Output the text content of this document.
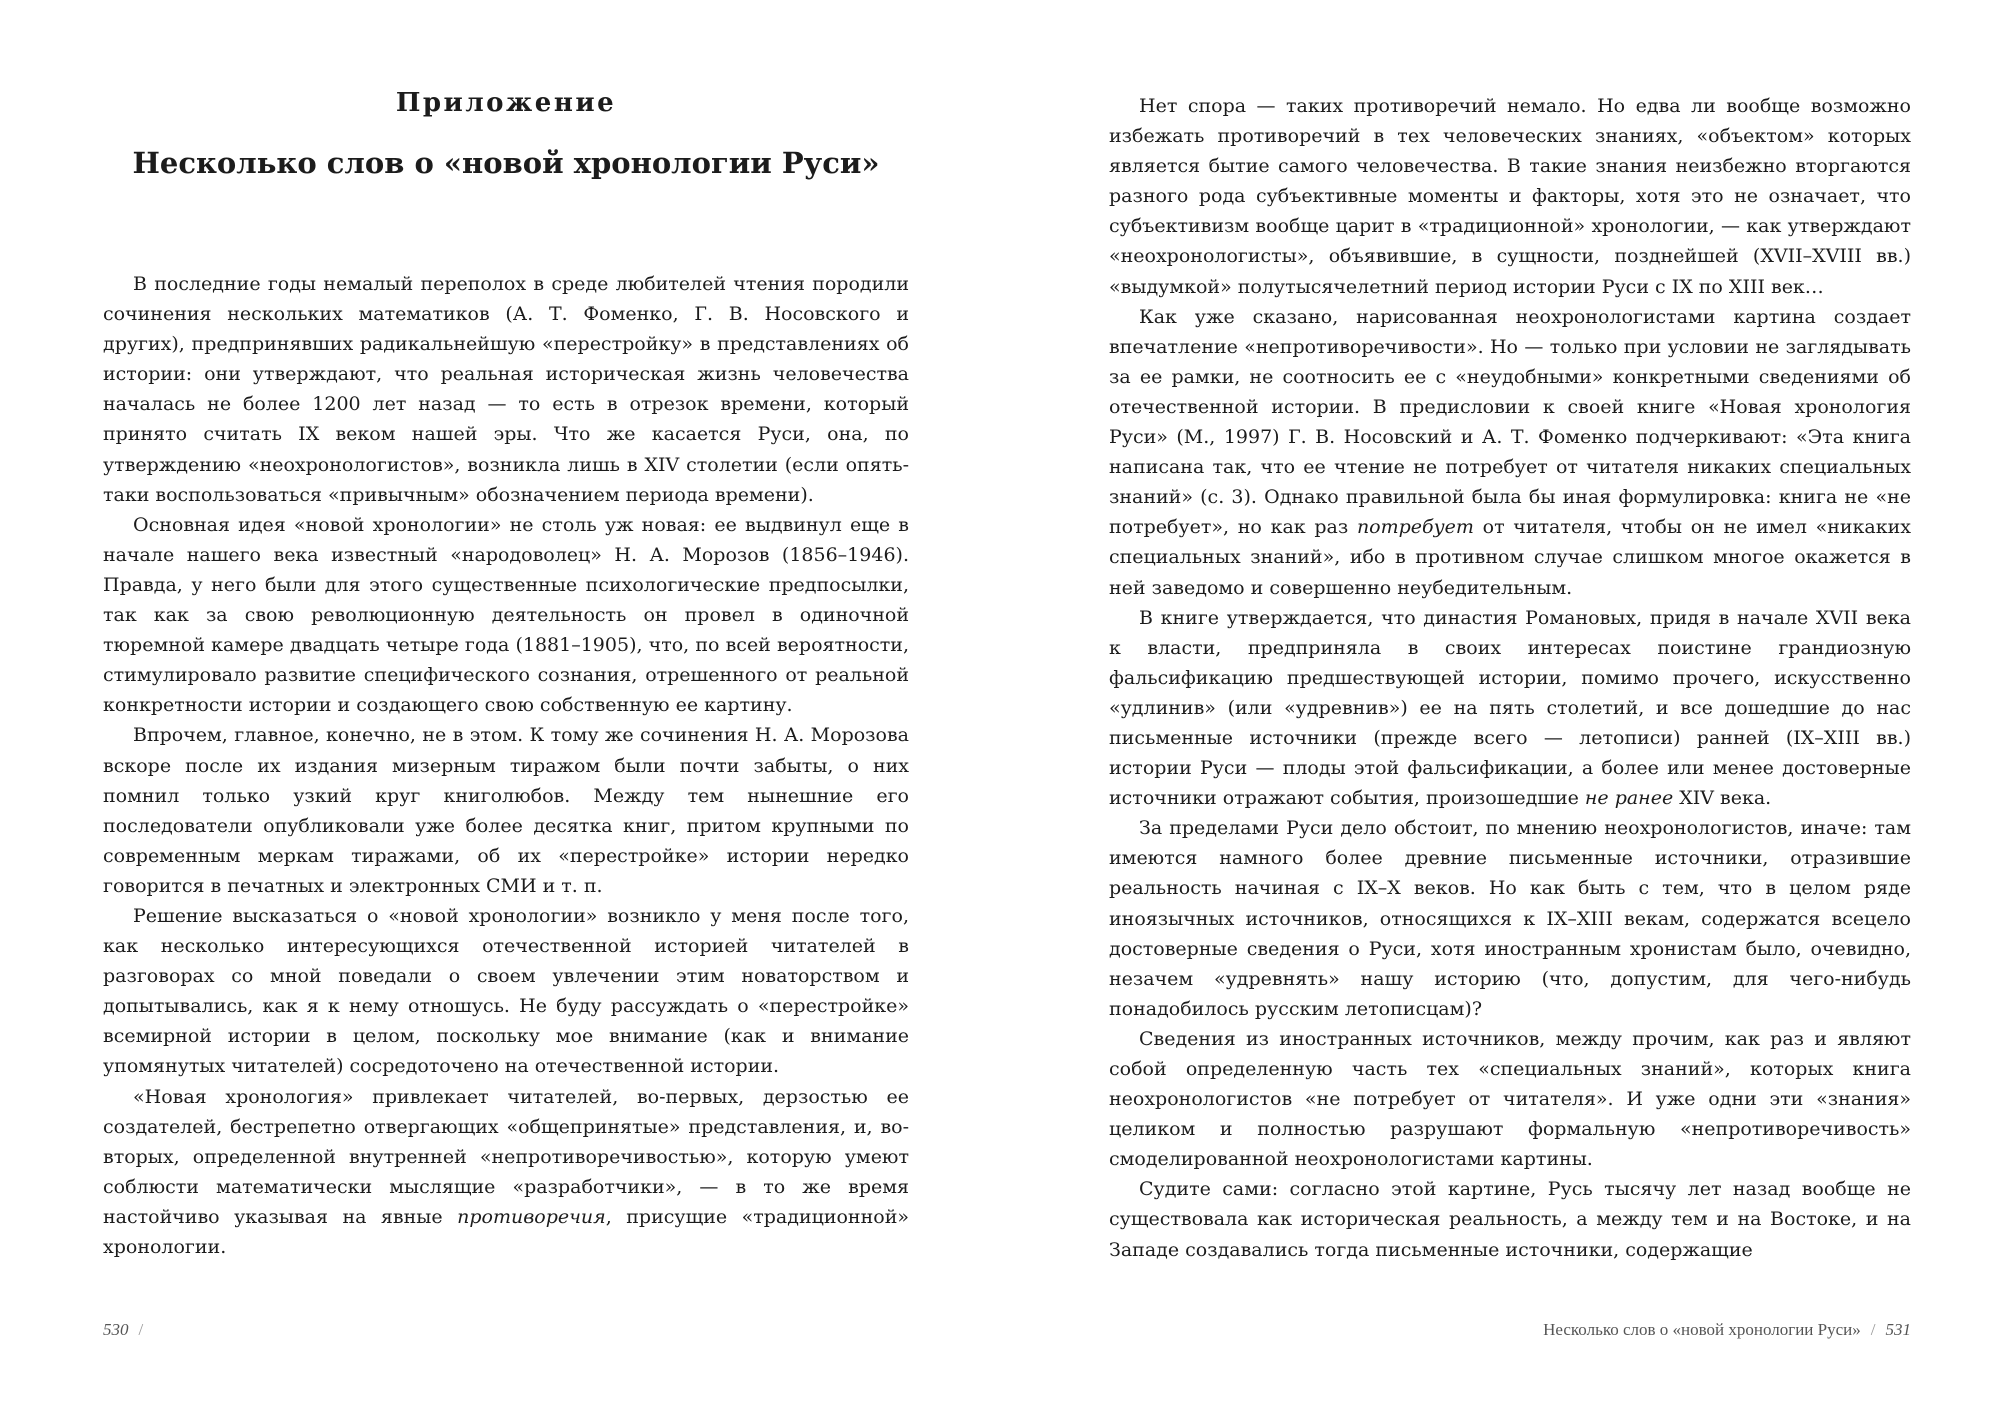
Приложение
Несколько слов о «новой хронологии Руси»

В последние годы немалый переполох в среде любителей чтения породили сочинения нескольких математиков (А. Т. Фоменко, Г. В. Носовского и других), предпринявших радикальнейшую «перестройку» в представлениях об истории: они утверждают, что реальная историческая жизнь человечества началась не более 1200 лет назад — то есть в отрезок времени, который принято считать IX веком нашей эры. Что же касается Руси, она, по утверждению «неохронологистов», возникла лишь в XIV столетии (если опять-таки воспользоваться «привычным» обозначением периода времени).

Основная идея «новой хронологии» не столь уж новая: ее выдвинул еще в начале нашего века известный «народоволец» Н. А. Морозов (1856–1946). Правда, у него были для этого существенные психологические предпосылки, так как за свою революционную деятельность он провел в одиночной тюремной камере двадцать четыре года (1881–1905), что, по всей вероятности, стимулировало развитие специфического сознания, отрешенного от реальной конкретности истории и создающего свою собственную ее картину.

Впрочем, главное, конечно, не в этом. К тому же сочинения Н. А. Морозова вскоре после их издания мизерным тиражом были почти забыты, о них помнил только узкий круг книголюбов. Между тем нынешние его последователи опубликовали уже более десятка книг, притом крупными по современным меркам тиражами, об их «перестройке» истории нередко говорится в печатных и электронных СМИ и т. п.

Решение высказаться о «новой хронологии» возникло у меня после того, как несколько интересующихся отечественной историей читателей в разговорах со мной поведали о своем увлечении этим новаторством и допытывались, как я к нему отношусь. Не буду рассуждать о «перестройке» всемирной истории в целом, поскольку мое внимание (как и внимание упомянутых читателей) сосредоточено на отечественной истории.

«Новая хронология» привлекает читателей, во-первых, дерзостью ее создателей, бестрепетно отвергающих «общепринятые» представления, и, во-вторых, определенной внутренней «непротиворечивостью», которую умеют соблюсти математически мыслящие «разработчики», — в то же время настойчиво указывая на явные противоречия, присущие «традиционной» хронологии.

530 /

Нет спора — таких противоречий немало. Но едва ли вообще возможно избежать противоречий в тех человеческих знаниях, «объектом» которых является бытие самого человечества. В такие знания неизбежно вторгаются разного рода субъективные моменты и факторы, хотя это не означает, что субъективизм вообще царит в «традиционной» хронологии, — как утверждают «неохронологисты», объявившие, в сущности, позднейшей (XVII–XVIII вв.) «выдумкой» полутысячелетний период истории Руси с IX по XIII век…

Как уже сказано, нарисованная неохронологистами картина создает впечатление «непротиворечивости». Но — только при условии не заглядывать за ее рамки, не соотносить ее с «неудобными» конкретными сведениями об отечественной истории. В предисловии к своей книге «Новая хронология Руси» (М., 1997) Г. В. Носовский и А. Т. Фоменко подчеркивают: «Эта книга написана так, что ее чтение не потребует от читателя никаких специальных знаний» (с. 3). Однако правильной была бы иная формулировка: книга не «не потребует», но как раз потребует от читателя, чтобы он не имел «никаких специальных знаний», ибо в противном случае слишком многое окажется в ней заведомо и совершенно неубедительным.

В книге утверждается, что династия Романовых, придя в начале XVII века к власти, предприняла в своих интересах поистине грандиозную фальсификацию предшествующей истории, помимо прочего, искусственно «удлинив» (или «удревнив») ее на пять столетий, и все дошедшие до нас письменные источники (прежде всего — летописи) ранней (IX–XIII вв.) истории Руси — плоды этой фальсификации, а более или менее достоверные источники отражают события, произошедшие не ранее XIV века.

За пределами Руси дело обстоит, по мнению неохронологистов, иначе: там имеются намного более древние письменные источники, отразившие реальность начиная с IX–X веков. Но как быть с тем, что в целом ряде иноязычных источников, относящихся к IX–XIII векам, содержатся всецело достоверные сведения о Руси, хотя иностранным хронистам было, очевидно, незачем «удревнять» нашу историю (что, допустим, для чего-нибудь понадобилось русским летописцам)?

Сведения из иностранных источников, между прочим, как раз и являют собой определенную часть тех «специальных знаний», которых книга неохронологистов «не потребует от читателя». И уже одни эти «знания» целиком и полностью разрушают формальную «непротиворечивость» смоделированной неохронологистами картины.

Судите сами: согласно этой картине, Русь тысячу лет назад вообще не существовала как историческая реальность, а между тем и на Востоке, и на Западе создавались тогда письменные источники, содержащие

Несколько слов о «новой хронологии Руси» / 531
